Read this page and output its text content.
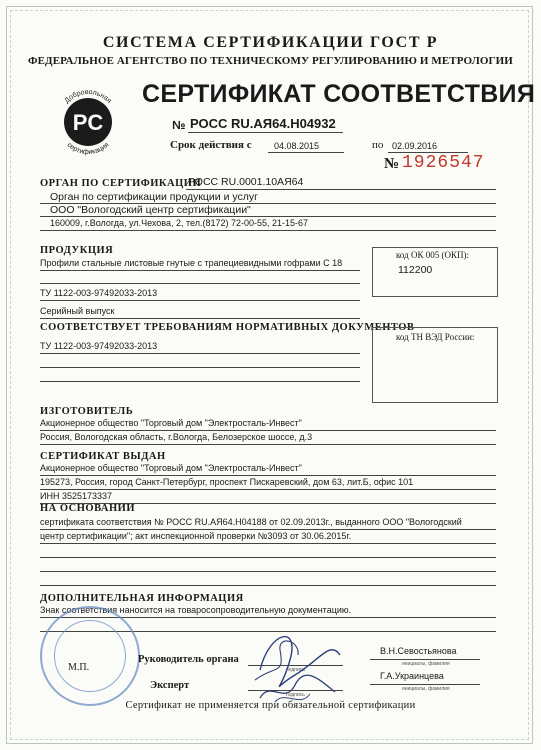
СИСТЕМА СЕРТИФИКАЦИИ ГОСТ Р
ФЕДЕРАЛЬНОЕ АГЕНТСТВО ПО ТЕХНИЧЕСКОМУ РЕГУЛИРОВАНИЮ И МЕТРОЛОГИИ
Добровольная
сертификация
PC
СЕРТИФИКАТ СООТВЕТСТВИЯ
№ РОСС RU.АЯ64.Н04932
Срок действия с 04.08.2015	по 02.09.2016
№ 1926547
ОРГАН ПО СЕРТИФИКАЦИИ
РОСС RU.0001.10АЯ64
Орган по сертификации продукции и услуг
ООО "Вологодский центр сертификации"
160009, г.Вологда, ул.Чехова, 2, тел.(8172) 72-00-55, 21-15-67
ПРОДУКЦИЯ
Профили стальные листовые гнутые с трапециевидными гофрами С 18
ТУ 1122-003-97492033-2013
Серийный выпуск
код ОК 005 (ОКП):
112200
СООТВЕТСТВУЕТ ТРЕБОВАНИЯМ НОРМАТИВНЫХ ДОКУМЕНТОВ
ТУ 1122-003-97492033-2013
код ТН ВЭД России:
ИЗГОТОВИТЕЛЬ
Акционерное общество "Торговый дом "Электросталь-Инвест"
Россия, Вологодская область, г.Вологда, Белозерское шоссе, д.3
СЕРТИФИКАТ ВЫДАН
Акционерное общество "Торговый дом "Электросталь-Инвест"
195273, Россия, город Санкт-Петербург, проспект Пискаревский, дом 63, лит.Б, офис 101
ИНН 3525173337
НА ОСНОВАНИИ
сертификата соответствия № РОСС RU.АЯ64.Н04188 от 02.09.2013г., выданного ООО "Вологодский
центр сертификации"; акт инспекционной проверки №3093 от 30.06.2015г.
ДОПОЛНИТЕЛЬНАЯ ИНФОРМАЦИЯ
Знак соответствия наносится на товаросопроводительную документацию.
М.П.
Руководитель органа
подпись
В.Н.Севостьянова
инициалы, фамилия
Эксперт
подпись
Г.А.Украинцева
инициалы, фамилия
Сертификат не применяется при обязательной сертификации
